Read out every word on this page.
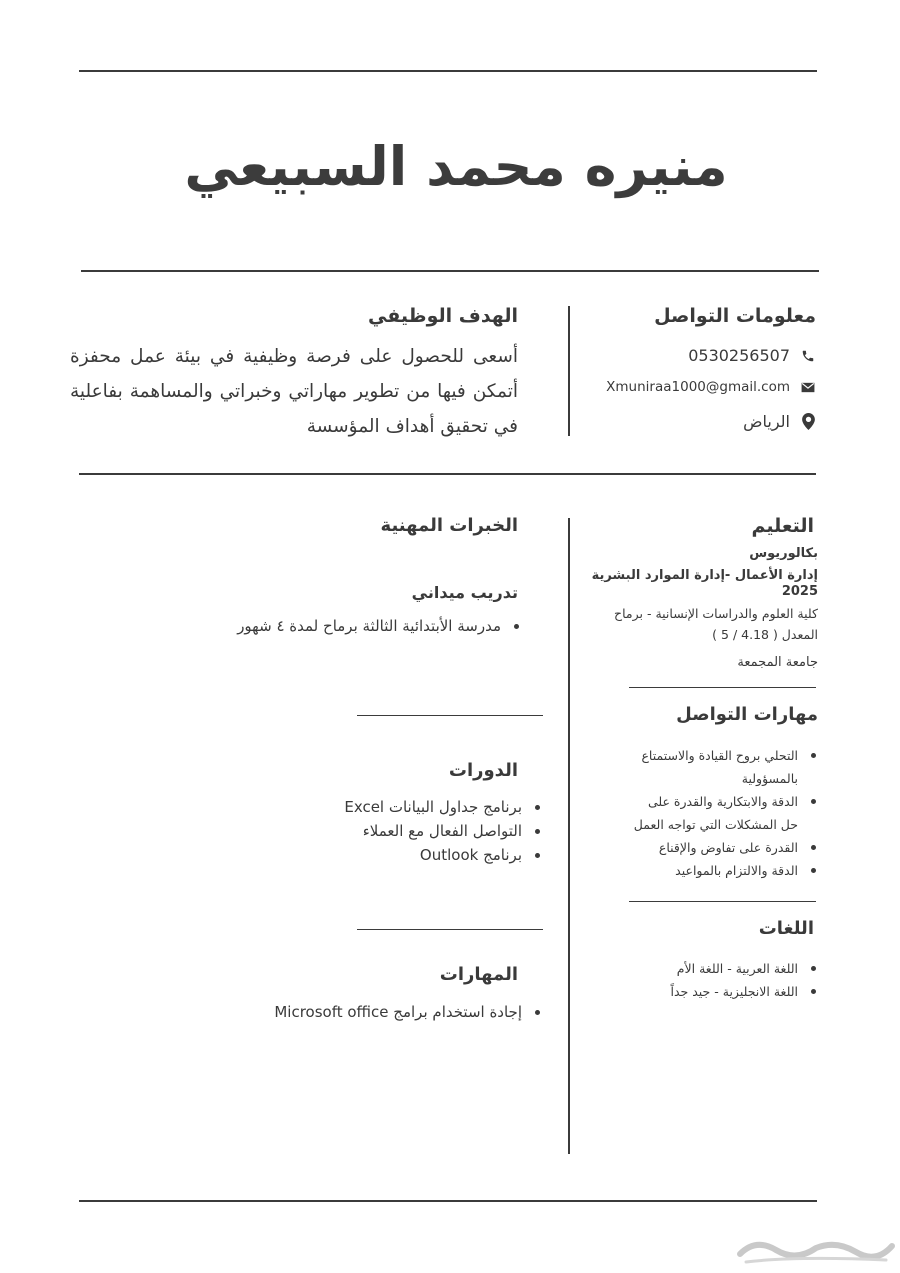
منيره محمد السبيعي
معلومات التواصل
0530256507
Xmuniraa1000@gmail.com
الرياض
الهدف الوظيفي
أسعى للحصول على فرصة وظيفية في بيئة عمل محفزة أتمكن فيها من تطوير مهاراتي وخبراتي والمساهمة بفاعلية في تحقيق أهداف المؤسسة
التعليم
بكالوريوس
إدارة الأعمال -إدارة الموارد البشرية
2025
كلية العلوم والدراسات الإنسانية - برماح
المعدل ( 4.18 / 5 )
جامعة المجمعة
مهارات التواصل
التحلي بروح القيادة والاستمتاع بالمسؤولية
الدقة والابتكارية والقدرة على حل المشكلات التي تواجه العمل
القدرة على تفاوض والإقناع
الدقة والالتزام بالمواعيد
اللغات
اللغة العربية - اللغة الأم
اللغة الانجليزية - جيد جداً
الخبرات المهنية
تدريب ميداني
مدرسة الأبتدائية الثالثة برماح لمدة ٤ شهور
الدورات
برنامج جداول البيانات Excel
التواصل الفعال مع العملاء
برنامج Outlook
المهارات
إجادة استخدام برامج Microsoft office
